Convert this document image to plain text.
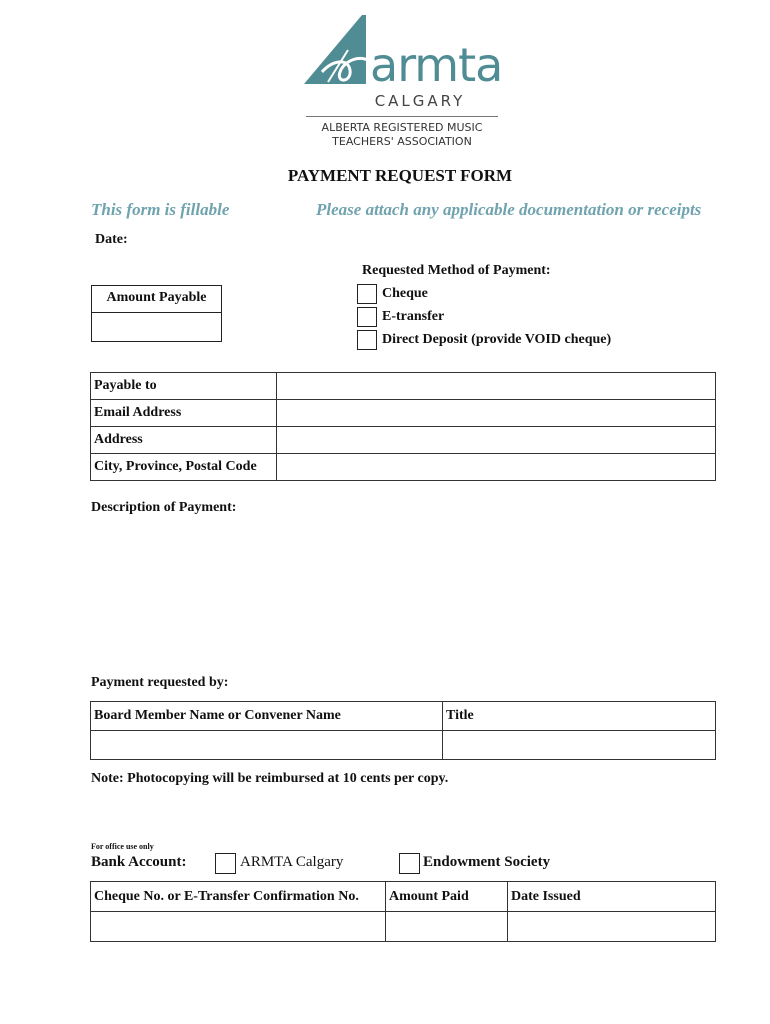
armta
CALGARY
ALBERTA REGISTERED MUSIC
TEACHERS' ASSOCIATION
PAYMENT REQUEST FORM
This form is fillable	Please attach any applicable documentation or receipts
Date:
Amount Payable
Requested Method of Payment:
Cheque
E-transfer
Direct Deposit (provide VOID cheque)
Payable to	
Email Address	
Address	
City, Province, Postal Code	
Description of Payment:
Payment requested by:
Board Member Name or Convener Name	Title

Note: Photocopying will be reimbursed at 10 cents per copy.
For office use only
Bank Account:	ARMTA Calgary	Endowment Society
Cheque No. or E-Transfer Confirmation No.	Amount Paid	Date Issued
